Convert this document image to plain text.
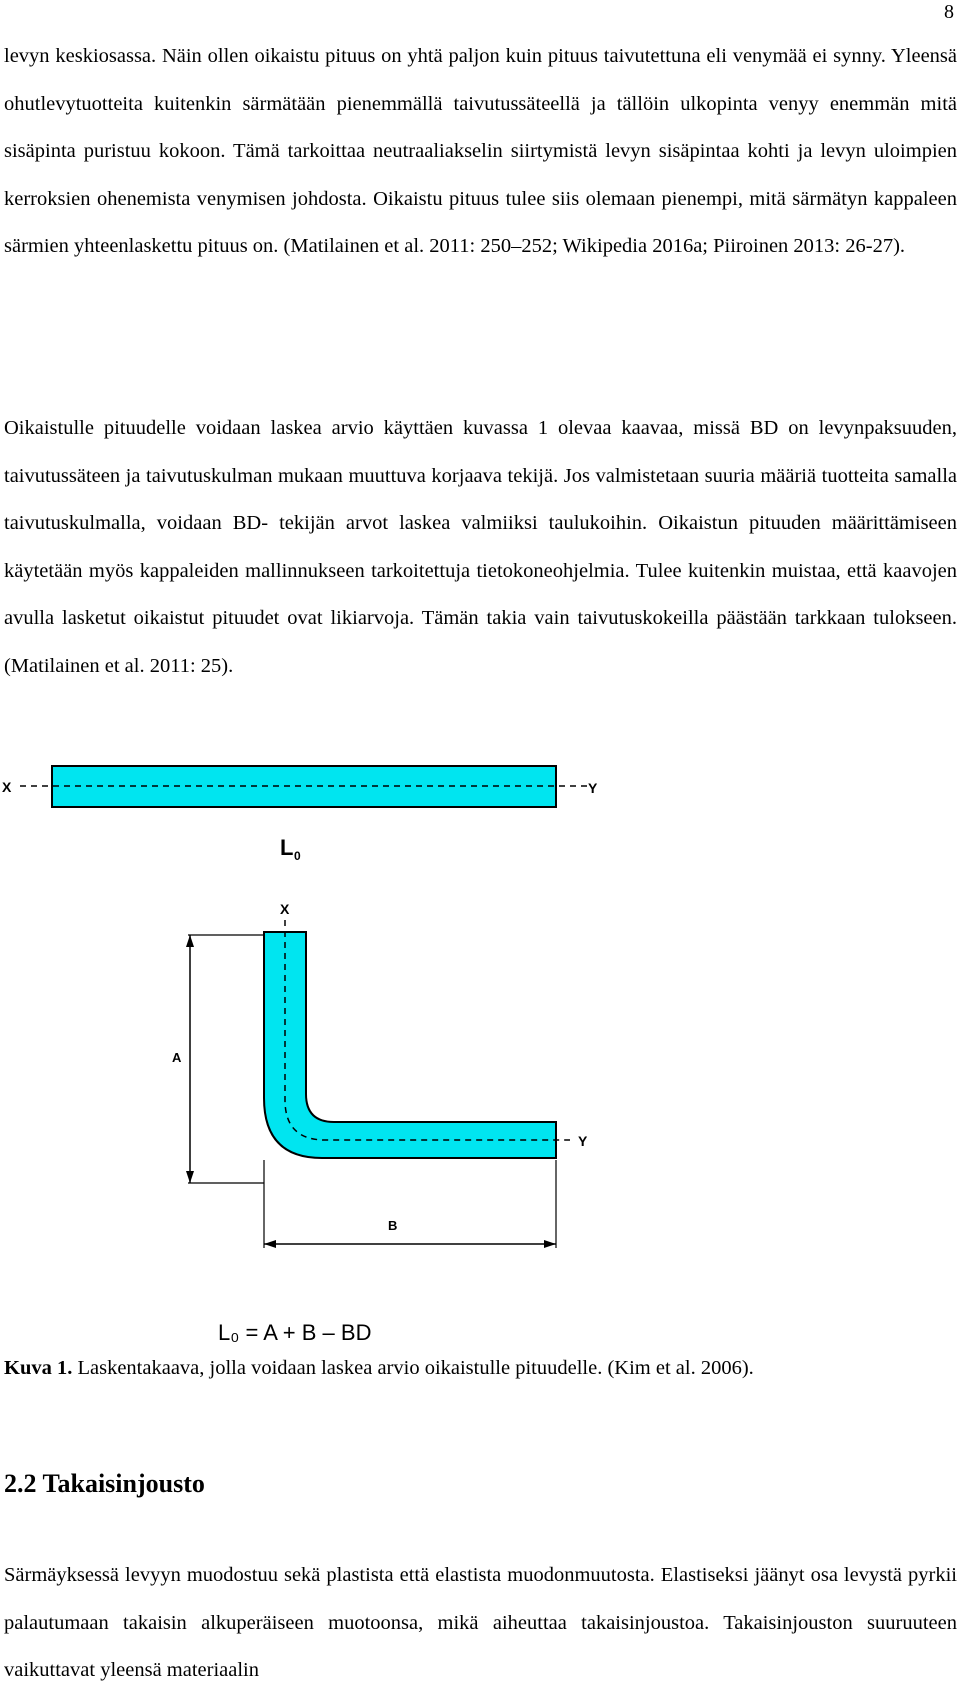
8

levyn keskiosassa. Näin ollen oikaistu pituus on yhtä paljon kuin pituus taivutettuna eli venymää ei synny. Yleensä ohutlevytuotteita kuitenkin särmätään pienemmällä taivutussäteellä ja tällöin ulkopinta venyy enemmän mitä sisäpinta puristuu kokoon. Tämä tarkoittaa neutraaliakselin siirtymistä levyn sisäpintaa kohti ja levyn uloimpien kerroksien ohenemista venymisen johdosta. Oikaistu pituus tulee siis olemaan pienempi, mitä särmätyn kappaleen särmien yhteenlaskettu pituus on. (Matilainen et al. 2011: 250–252; Wikipedia 2016a; Piiroinen 2013: 26-27).

Oikaistulle pituudelle voidaan laskea arvio käyttäen kuvassa 1 olevaa kaavaa, missä BD on levynpaksuuden, taivutussäteen ja taivutuskulman mukaan muuttuva korjaava tekijä. Jos valmistetaan suuria määriä tuotteita samalla taivutuskulmalla, voidaan BD- tekijän arvot laskea valmiiksi taulukoihin. Oikaistun pituuden määrittämiseen käytetään myös kappaleiden mallinnukseen tarkoitettuja tietokoneohjelmia. Tulee kuitenkin muistaa, että kaavojen avulla lasketut oikaistut pituudet ovat likiarvoja. Tämän takia vain taivutuskokeilla päästään tarkkaan tulokseen. (Matilainen et al. 2011: 25).

X	Y
L 0
X
Y
A
B
L₀ = A + B – BD

Kuva 1. Laskentakaava, jolla voidaan laskea arvio oikaistulle pituudelle. (Kim et al. 2006).

2.2 Takaisinjousto

Särmäyksessä levyyn muodostuu sekä plastista että elastista muodonmuutosta. Elastiseksi jäänyt osa levystä pyrkii palautumaan takaisin alkuperäiseen muotoonsa, mikä aiheuttaa takaisinjoustoa. Takaisinjouston suuruuteen vaikuttavat yleensä materiaalin
